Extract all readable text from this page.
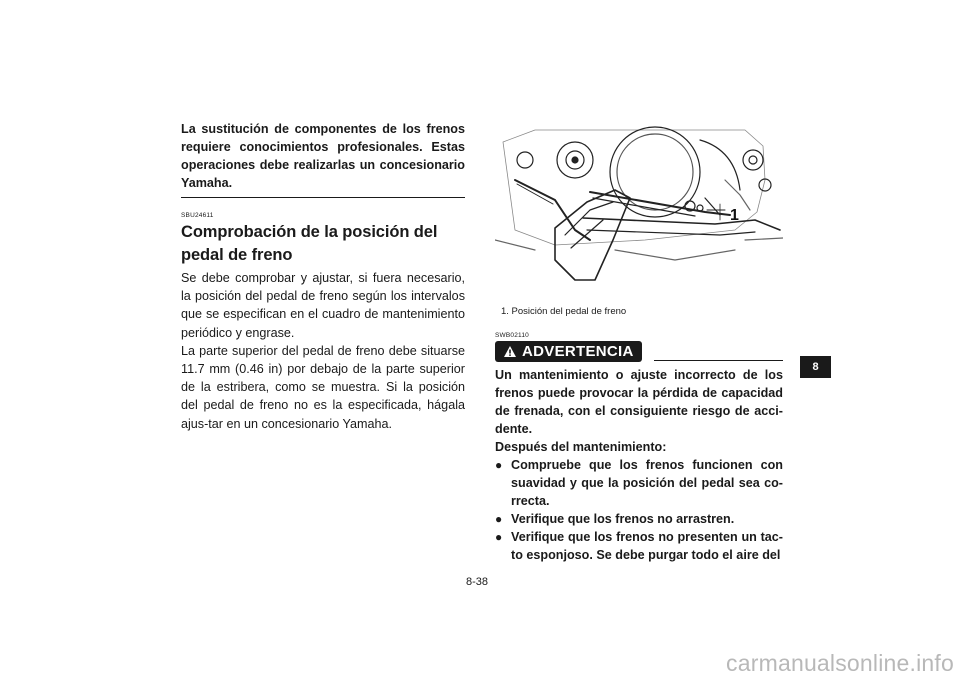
La sustitución de componentes de los frenos requiere conocimientos profesionales. Estas operaciones debe realizarlas un concesionario Yamaha.

SBU24611

Comprobación de la posición del pedal de freno

Se debe comprobar y ajustar, si fuera necesario, la posición del pedal de freno según los intervalos que se especifican en el cuadro de mantenimiento periódico y engrase.

La parte superior del pedal de freno debe situarse 11.7 mm (0.46 in) por debajo de la parte superior de la estribera, como se muestra. Si la posición del pedal de freno no es la especificada, hágala ajus-tar en un concesionario Yamaha.

1

1. Posición del pedal de freno

SWB02110

ADVERTENCIA

Un mantenimiento o ajuste incorrecto de los frenos puede provocar la pérdida de capacidad de frenada, con el consiguiente riesgo de acci-dente.

Después del mantenimiento:

● Compruebe que los frenos funcionen con suavidad y que la posición del pedal sea co-rrecta.
● Verifique que los frenos no arrastren.
● Verifique que los frenos no presenten un tac-to esponjoso. Se debe purgar todo el aire del
8
8-38
carmanualsonline.info
